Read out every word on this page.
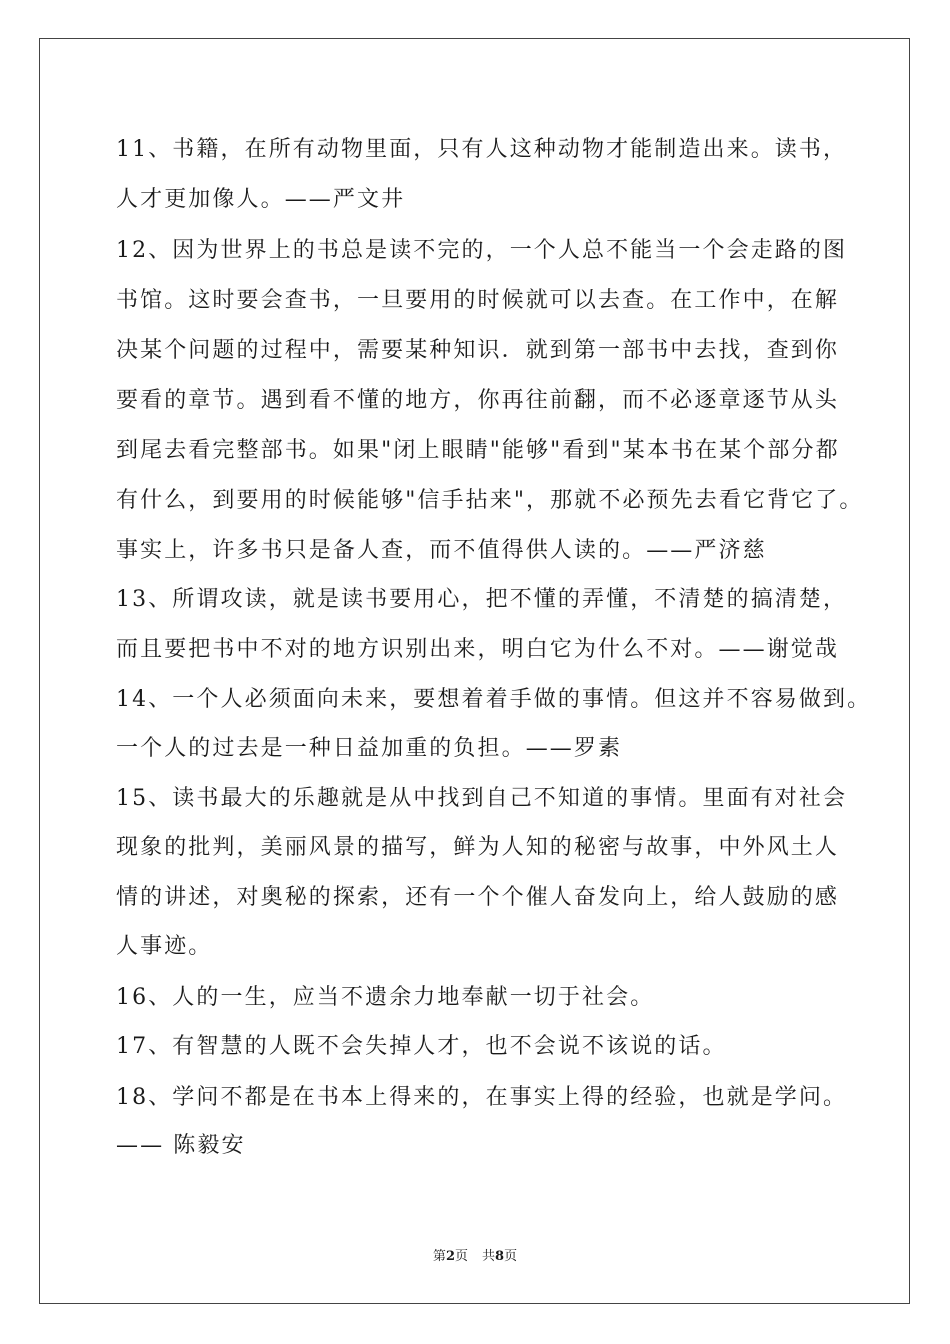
11、书籍，在所有动物里面，只有人这种动物才能制造出来。读书，
人才更加像人。——严文井
12、因为世界上的书总是读不完的，一个人总不能当一个会走路的图
书馆。这时要会查书，一旦要用的时候就可以去查。在工作中，在解
决某个问题的过程中，需要某种知识．就到第一部书中去找，查到你
要看的章节。遇到看不懂的地方，你再往前翻，而不必逐章逐节从头
到尾去看完整部书。如果"闭上眼睛"能够"看到"某本书在某个部分都
有什么，到要用的时候能够"信手拈来"，那就不必预先去看它背它了。
事实上，许多书只是备人查，而不值得供人读的。——严济慈
13、所谓攻读，就是读书要用心，把不懂的弄懂，不清楚的搞清楚，
而且要把书中不对的地方识别出来，明白它为什么不对。——谢觉哉
14、一个人必须面向未来，要想着着手做的事情。但这并不容易做到。
一个人的过去是一种日益加重的负担。——罗素
15、读书最大的乐趣就是从中找到自己不知道的事情。里面有对社会
现象的批判，美丽风景的描写，鲜为人知的秘密与故事，中外风土人
情的讲述，对奥秘的探索，还有一个个催人奋发向上，给人鼓励的感
人事迹。
16、人的一生，应当不遗余力地奉献一切于社会。
17、有智慧的人既不会失掉人才，也不会说不该说的话。
18、学问不都是在书本上得来的，在事实上得的经验，也就是学问。
—— 陈毅安
第2页 共8页
